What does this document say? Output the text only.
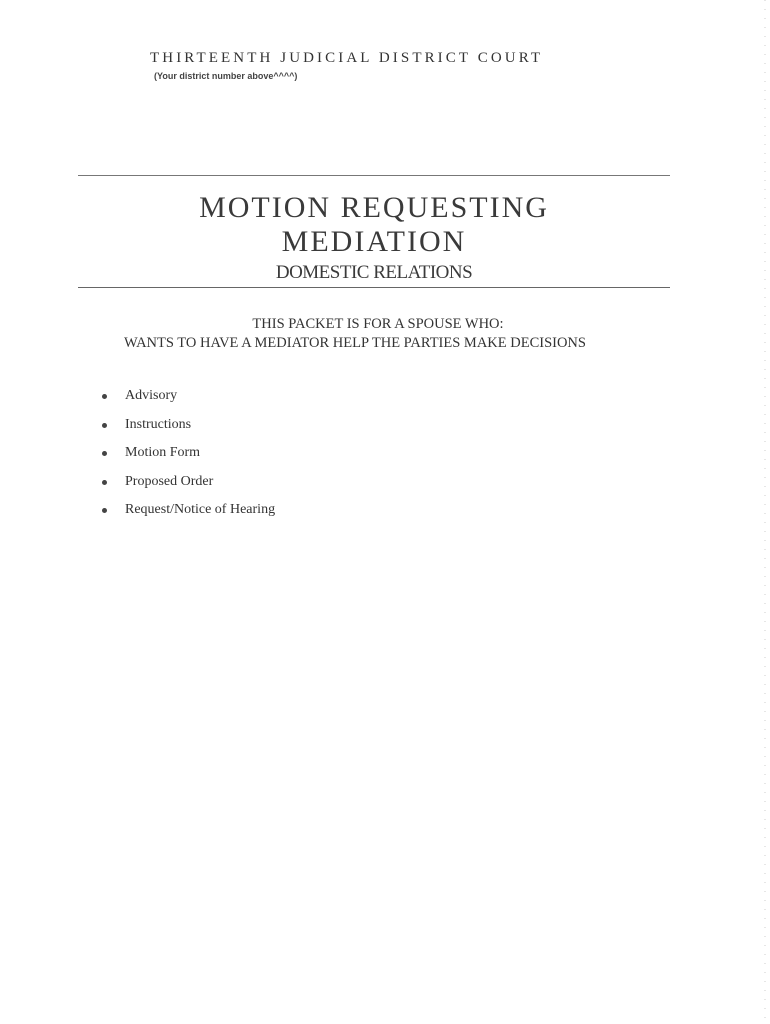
THIRTEENTH JUDICIAL DISTRICT COURT
(Your district number above^^^^)
MOTION REQUESTING
MEDIATION
DOMESTIC RELATIONS
THIS PACKET IS FOR A SPOUSE WHO:
WANTS TO HAVE A MEDIATOR HELP THE PARTIES MAKE DECISIONS
Advisory
Instructions
Motion Form
Proposed Order
Request/Notice of Hearing
